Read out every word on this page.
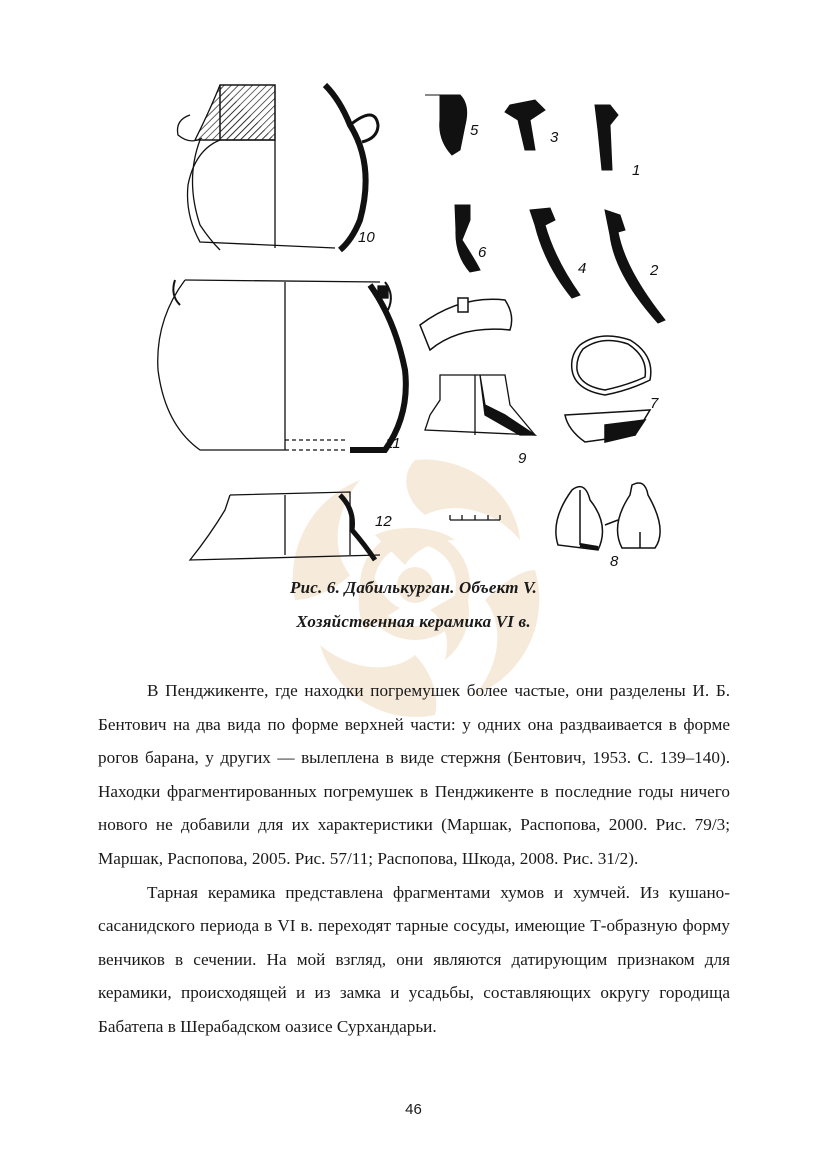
5	3
1
10
6
4	2
11
7
9
12
8
Рис. 6. Дабилькурган. Объект V.
Хозяйственная керамика VI в.

В Пенджикенте, где находки погремушек более частые, они разделены И. Б. Бентович на два вида по форме верхней части: у одних она раздваивается в форме рогов барана, у других — вылеплена в виде стержня (Бентович, 1953. С. 139–140). Находки фрагментированных погремушек в Пенджикенте в последние годы ничего нового не добавили для их характеристики (Маршак, Распопова, 2000. Рис. 79/3; Маршак, Распопова, 2005. Рис. 57/11; Распопова, Шкода, 2008. Рис. 31/2).

Тарная керамика представлена фрагментами хумов и хумчей. Из кушано-сасанидского периода в VI в. переходят тарные сосуды, имеющие Т-образную форму венчиков в сечении. На мой взгляд, они являются датирующим признаком для керамики, происходящей и из замка и усадьбы, составляющих округу городища Бабатепа в Шерабадском оазисе Сурхандарьи.

46
